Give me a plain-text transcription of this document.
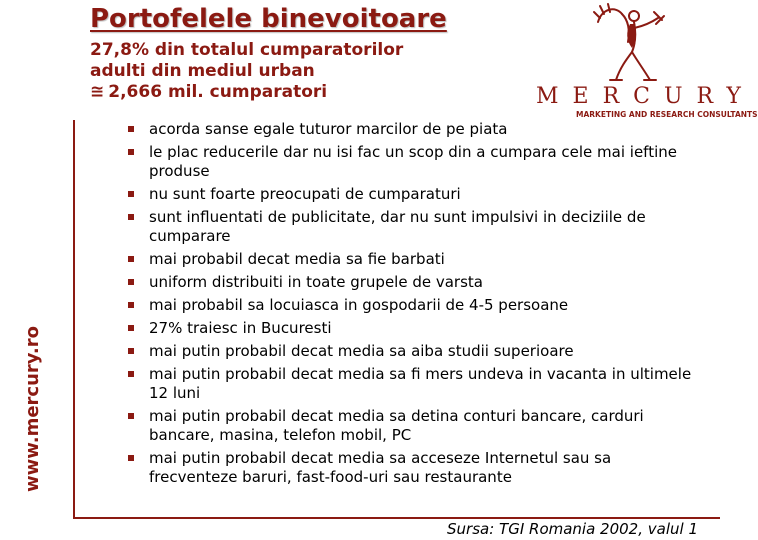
Portofelele binevoitoare
27,8% din totalul cumparatorilor
adulti din mediul urban
≅ 2,666 mil. cumparatori	MERCURY
MARKETING AND RESEARCH CONSULTANTS
www.mercury.ro
acorda sanse egale tuturor marcilor de pe piata
le plac reducerile dar nu isi fac un scop din a cumpara cele mai ieftine produse
nu sunt foarte preocupati de cumparaturi
sunt influentati de publicitate, dar nu sunt impulsivi in deciziile de cumparare
mai probabil decat media sa fie barbati
uniform distribuiti in toate grupele de varsta
mai probabil sa locuiasca in gospodarii de 4-5 persoane
27% traiesc in Bucuresti
mai putin probabil decat media sa aiba studii superioare
mai putin probabil decat media sa fi mers undeva in vacanta in ultimele 12 luni
mai putin probabil decat media sa detina conturi bancare, carduri bancare, masina, telefon mobil, PC
mai putin probabil decat media sa acceseze Internetul sau sa frecventeze baruri, fast-food-uri sau restaurante
Sursa: TGI Romania 2002, valul 1
